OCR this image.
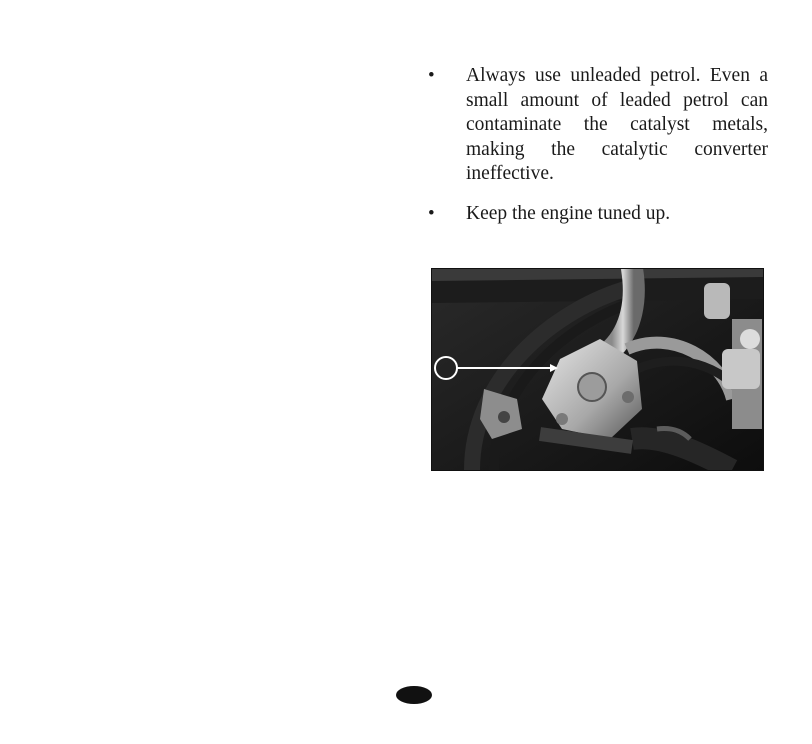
• Always use unleaded petrol. Even a small amount of leaded petrol can contaminate the catalyst metals, making the catalytic converter ineffective.
• Keep the engine tuned up.
